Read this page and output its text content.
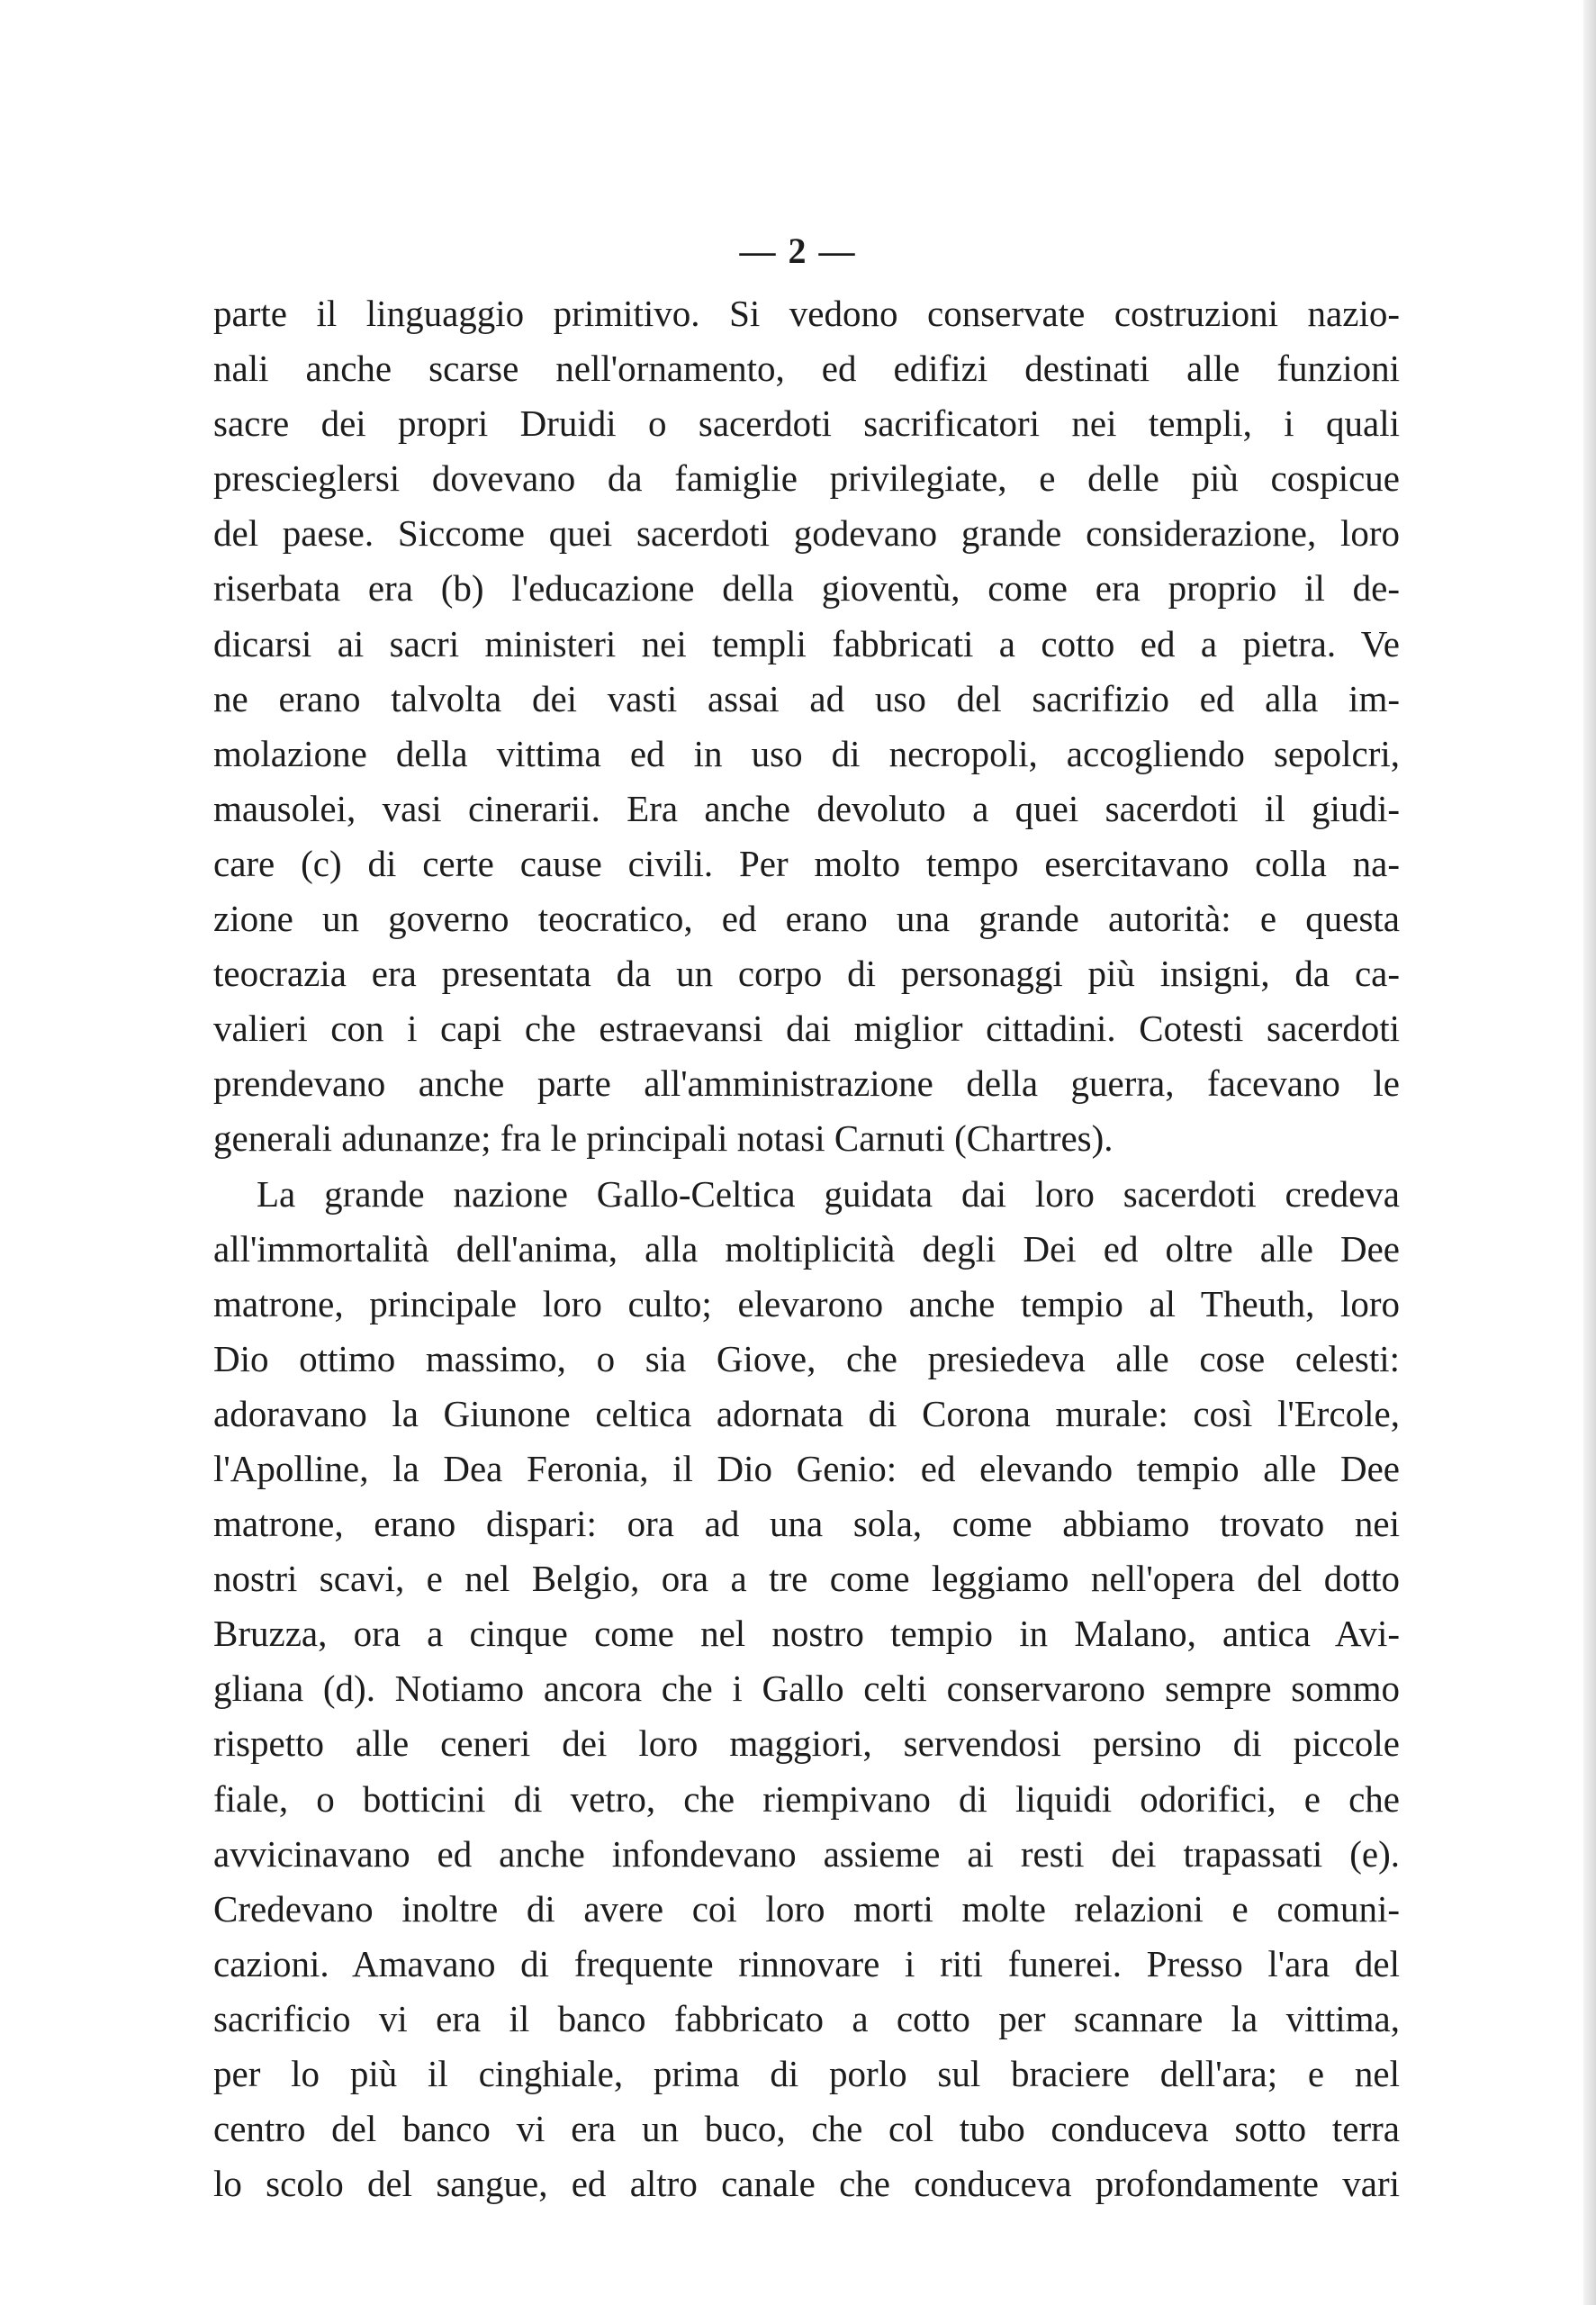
— 2 —
parte il linguaggio primitivo. Si vedono conservate costruzioni nazio-
nali anche scarse nell'ornamento, ed edifizi destinati alle funzioni
sacre dei propri Druidi o sacerdoti sacrificatori nei templi, i quali
prescieglersi dovevano da famiglie privilegiate, e delle più cospicue
del paese. Siccome quei sacerdoti godevano grande considerazione, loro
riserbata era (b) l'educazione della gioventù, come era proprio il de-
dicarsi ai sacri ministeri nei templi fabbricati a cotto ed a pietra. Ve
ne erano talvolta dei vasti assai ad uso del sacrifizio ed alla im-
molazione della vittima ed in uso di necropoli, accogliendo sepolcri,
mausolei, vasi cinerarii. Era anche devoluto a quei sacerdoti il giudi-
care (c) di certe cause civili. Per molto tempo esercitavano colla na-
zione un governo teocratico, ed erano una grande autorità: e questa
teocrazia era presentata da un corpo di personaggi più insigni, da ca-
valieri con i capi che estraevansi dai miglior cittadini. Cotesti sacerdoti
prendevano anche parte all'amministrazione della guerra, facevano le
generali adunanze; fra le principali notasi Carnuti (Chartres).
La grande nazione Gallo-Celtica guidata dai loro sacerdoti credeva
all'immortalità dell'anima, alla moltiplicità degli Dei ed oltre alle Dee
matrone, principale loro culto; elevarono anche tempio al Theuth, loro
Dio ottimo massimo, o sia Giove, che presiedeva alle cose celesti:
adoravano la Giunone celtica adornata di Corona murale: così l'Ercole,
l'Apolline, la Dea Feronia, il Dio Genio: ed elevando tempio alle Dee
matrone, erano dispari: ora ad una sola, come abbiamo trovato nei
nostri scavi, e nel Belgio, ora a tre come leggiamo nell'opera del dotto
Bruzza, ora a cinque come nel nostro tempio in Malano, antica Avi-
gliana (d). Notiamo ancora che i Gallo celti conservarono sempre sommo
rispetto alle ceneri dei loro maggiori, servendosi persino di piccole
fiale, o botticini di vetro, che riempivano di liquidi odorifici, e che
avvicinavano ed anche infondevano assieme ai resti dei trapassati (e).
Credevano inoltre di avere coi loro morti molte relazioni e comuni-
cazioni. Amavano di frequente rinnovare i riti funerei. Presso l'ara del
sacrificio vi era il banco fabbricato a cotto per scannare la vittima,
per lo più il cinghiale, prima di porlo sul braciere dell'ara; e nel
centro del banco vi era un buco, che col tubo conduceva sotto terra
lo scolo del sangue, ed altro canale che conduceva profondamente vari
